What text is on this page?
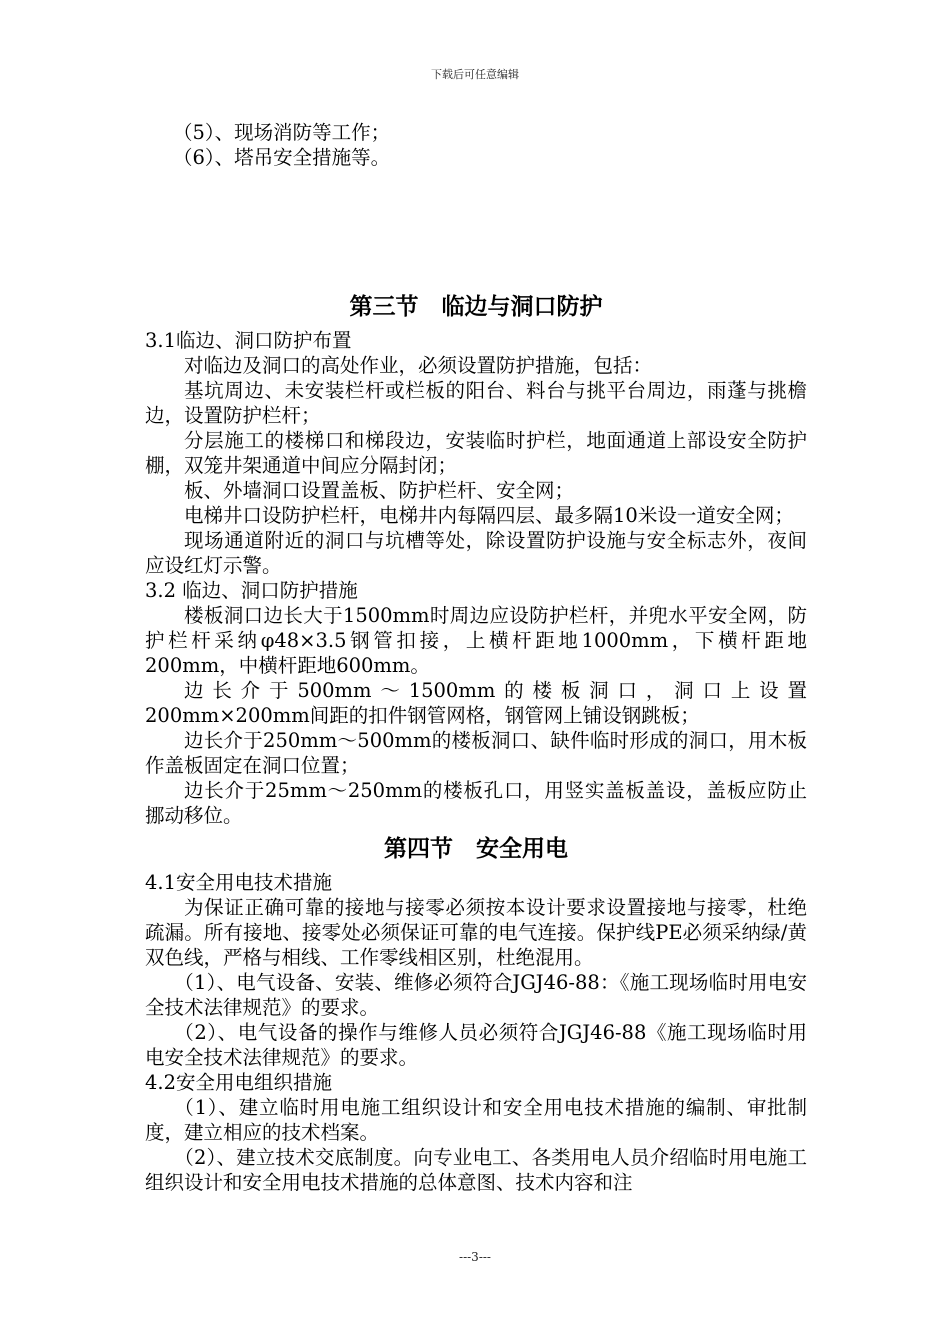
下载后可任意编辑

（5）、现场消防等工作；

（6）、塔吊安全措施等。

第三节　临边与洞口防护

3.1临边、洞口防护布置

对临边及洞口的高处作业，必须设置防护措施，包括：

基坑周边、未安装栏杆或栏板的阳台、料台与挑平台周边，雨蓬与挑檐边，设置防护栏杆；

分层施工的楼梯口和梯段边，安装临时护栏，地面通道上部设安全防护棚，双笼井架通道中间应分隔封闭；

板、外墙洞口设置盖板、防护栏杆、安全网；

电梯井口设防护栏杆，电梯井内每隔四层、最多隔10米设一道安全网；

现场通道附近的洞口与坑槽等处，除设置防护设施与安全标志外，夜间应设红灯示警。

3.2 临边、洞口防护措施

楼板洞口边长大于1500mm时周边应设防护栏杆，并兜水平安全网，防护栏杆采纳φ48×3.5钢管扣接，上横杆距地1000mm，下横杆距地200mm，中横杆距地600mm。

边长介于500mm～1500mm的楼板洞口，洞口上设置200mm×200mm间距的扣件钢管网格，钢管网上铺设钢跳板；

边长介于250mm～500mm的楼板洞口、缺件临时形成的洞口，用木板作盖板固定在洞口位置；

边长介于25mm～250mm的楼板孔口，用竖实盖板盖设，盖板应防止挪动移位。

第四节　安全用电

4.1安全用电技术措施

为保证正确可靠的接地与接零必须按本设计要求设置接地与接零，杜绝疏漏。所有接地、接零处必须保证可靠的电气连接。保护线PE必须采纳绿/黄双色线，严格与相线、工作零线相区别，杜绝混用。

（1）、电气设备、安装、维修必须符合JGJ46-88：《施工现场临时用电安全技术法律规范》的要求。

（2）、电气设备的操作与维修人员必须符合JGJ46-88《施工现场临时用电安全技术法律规范》的要求。

4.2安全用电组织措施

（1）、建立临时用电施工组织设计和安全用电技术措施的编制、审批制度，建立相应的技术档案。

（2）、建立技术交底制度。向专业电工、各类用电人员介绍临时用电施工组织设计和安全用电技术措施的总体意图、技术内容和注

---3---
